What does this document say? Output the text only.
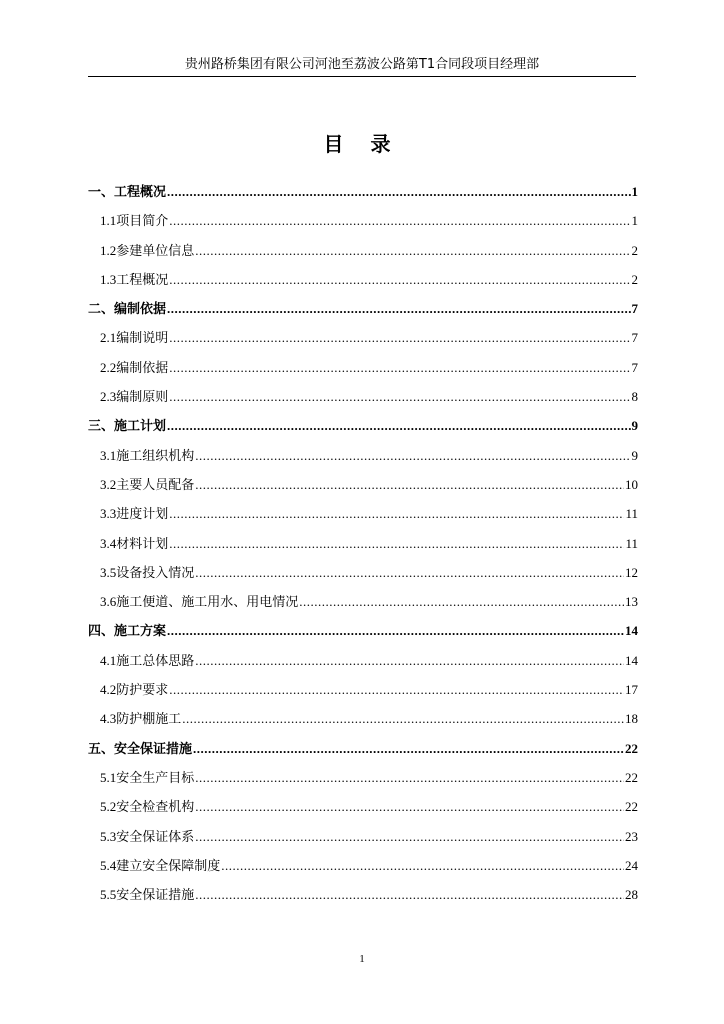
贵州路桥集团有限公司河池至荔波公路第T1合同段项目经理部
目 录
一、 工程概况 .....	1
1.1 项目简介 .....	1
1.2 参建单位信息 .....	2
1.3 工程概况 .....	2
二、 编制依据 .....	7
2.1 编制说明 .....	7
2.2 编制依据 .....	7
2.3 编制原则 .....	8
三、 施工计划 .....	9
3.1 施工组织机构 .....	9
3.2 主要人员配备 .....	10
3.3 进度计划 .....	11
3.4 材料计划 .....	11
3.5 设备投入情况 .....	12
3.6 施工便道、施工用水、用电情况 .....	13
四、 施工方案 .....	14
4.1 施工总体思路 .....	14
4.2 防护要求 .....	17
4.3 防护棚施工 .....	18
五、 安全保证措施 .....	22
5.1 安全生产目标 .....	22
5.2 安全检查机构 .....	22
5.3 安全保证体系 .....	23
5.4 建立安全保障制度 .....	24
5.5 安全保证措施 .....	28
1
